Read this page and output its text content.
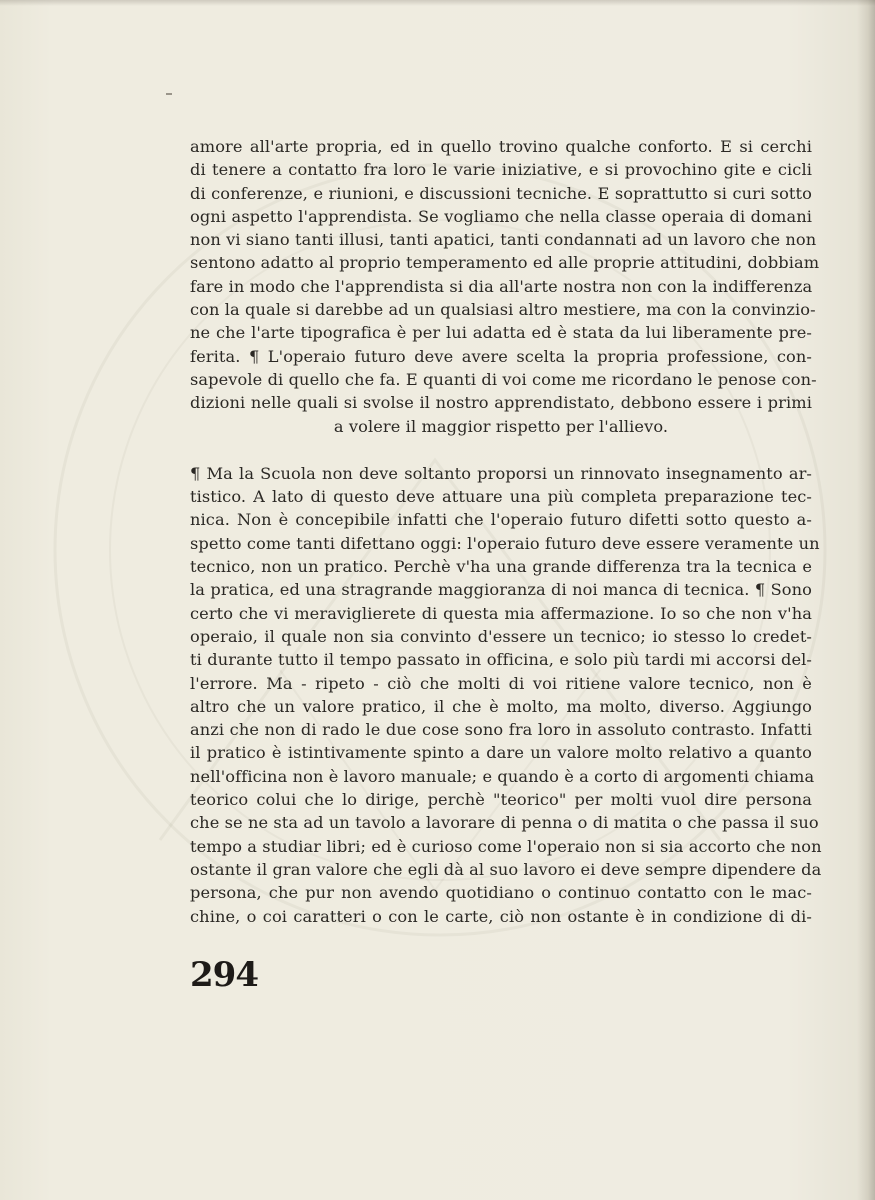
amore all'arte propria, ed in quello trovino qualche conforto. E si cerchi
di tenere a contatto fra loro le varie iniziative, e si provochino gite e cicli
di conferenze, e riunioni, e discussioni tecniche. E soprattutto si curi sotto
ogni aspetto l'apprendista. Se vogliamo che nella classe operaia di domani
non vi siano tanti illusi, tanti apatici, tanti condannati ad un lavoro che non
sentono adatto al proprio temperamento ed alle proprie attitudini, dobbiam
fare in modo che l'apprendista si dia all'arte nostra non con la indifferenza
con la quale si darebbe ad un qualsiasi altro mestiere, ma con la convinzio-
ne che l'arte tipografica è per lui adatta ed è stata da lui liberamente pre-
ferita. ¶ L'operaio futuro deve avere scelta la propria professione, con-
sapevole di quello che fa. E quanti di voi come me ricordano le penose con-
dizioni nelle quali si svolse il nostro apprendistato, debbono essere i primi
a volere il maggior rispetto per l'allievo.
¶ Ma la Scuola non deve soltanto proporsi un rinnovato insegnamento ar-
tistico. A lato di questo deve attuare una più completa preparazione tec-
nica. Non è concepibile infatti che l'operaio futuro difetti sotto questo a-
spetto come tanti difettano oggi: l'operaio futuro deve essere veramente un
tecnico, non un pratico. Perchè v'ha una grande differenza tra la tecnica e
la pratica, ed una stragrande maggioranza di noi manca di tecnica. ¶ Sono
certo che vi meraviglierete di questa mia affermazione. Io so che non v'ha
operaio, il quale non sia convinto d'essere un tecnico; io stesso lo credet-
ti durante tutto il tempo passato in officina, e solo più tardi mi accorsi del-
l'errore. Ma - ripeto - ciò che molti di voi ritiene valore tecnico, non è
altro che un valore pratico, il che è molto, ma molto, diverso. Aggiungo
anzi che non di rado le due cose sono fra loro in assoluto contrasto. Infatti
il pratico è istintivamente spinto a dare un valore molto relativo a quanto
nell'officina non è lavoro manuale; e quando è a corto di argomenti chiama
teorico colui che lo dirige, perchè "teorico" per molti vuol dire persona
che se ne sta ad un tavolo a lavorare di penna o di matita o che passa il suo
tempo a studiar libri; ed è curioso come l'operaio non si sia accorto che non
ostante il gran valore che egli dà al suo lavoro ei deve sempre dipendere da
persona, che pur non avendo quotidiano o continuo contatto con le mac-
chine, o coi caratteri o con le carte, ciò non ostante è in condizione di di-
294
